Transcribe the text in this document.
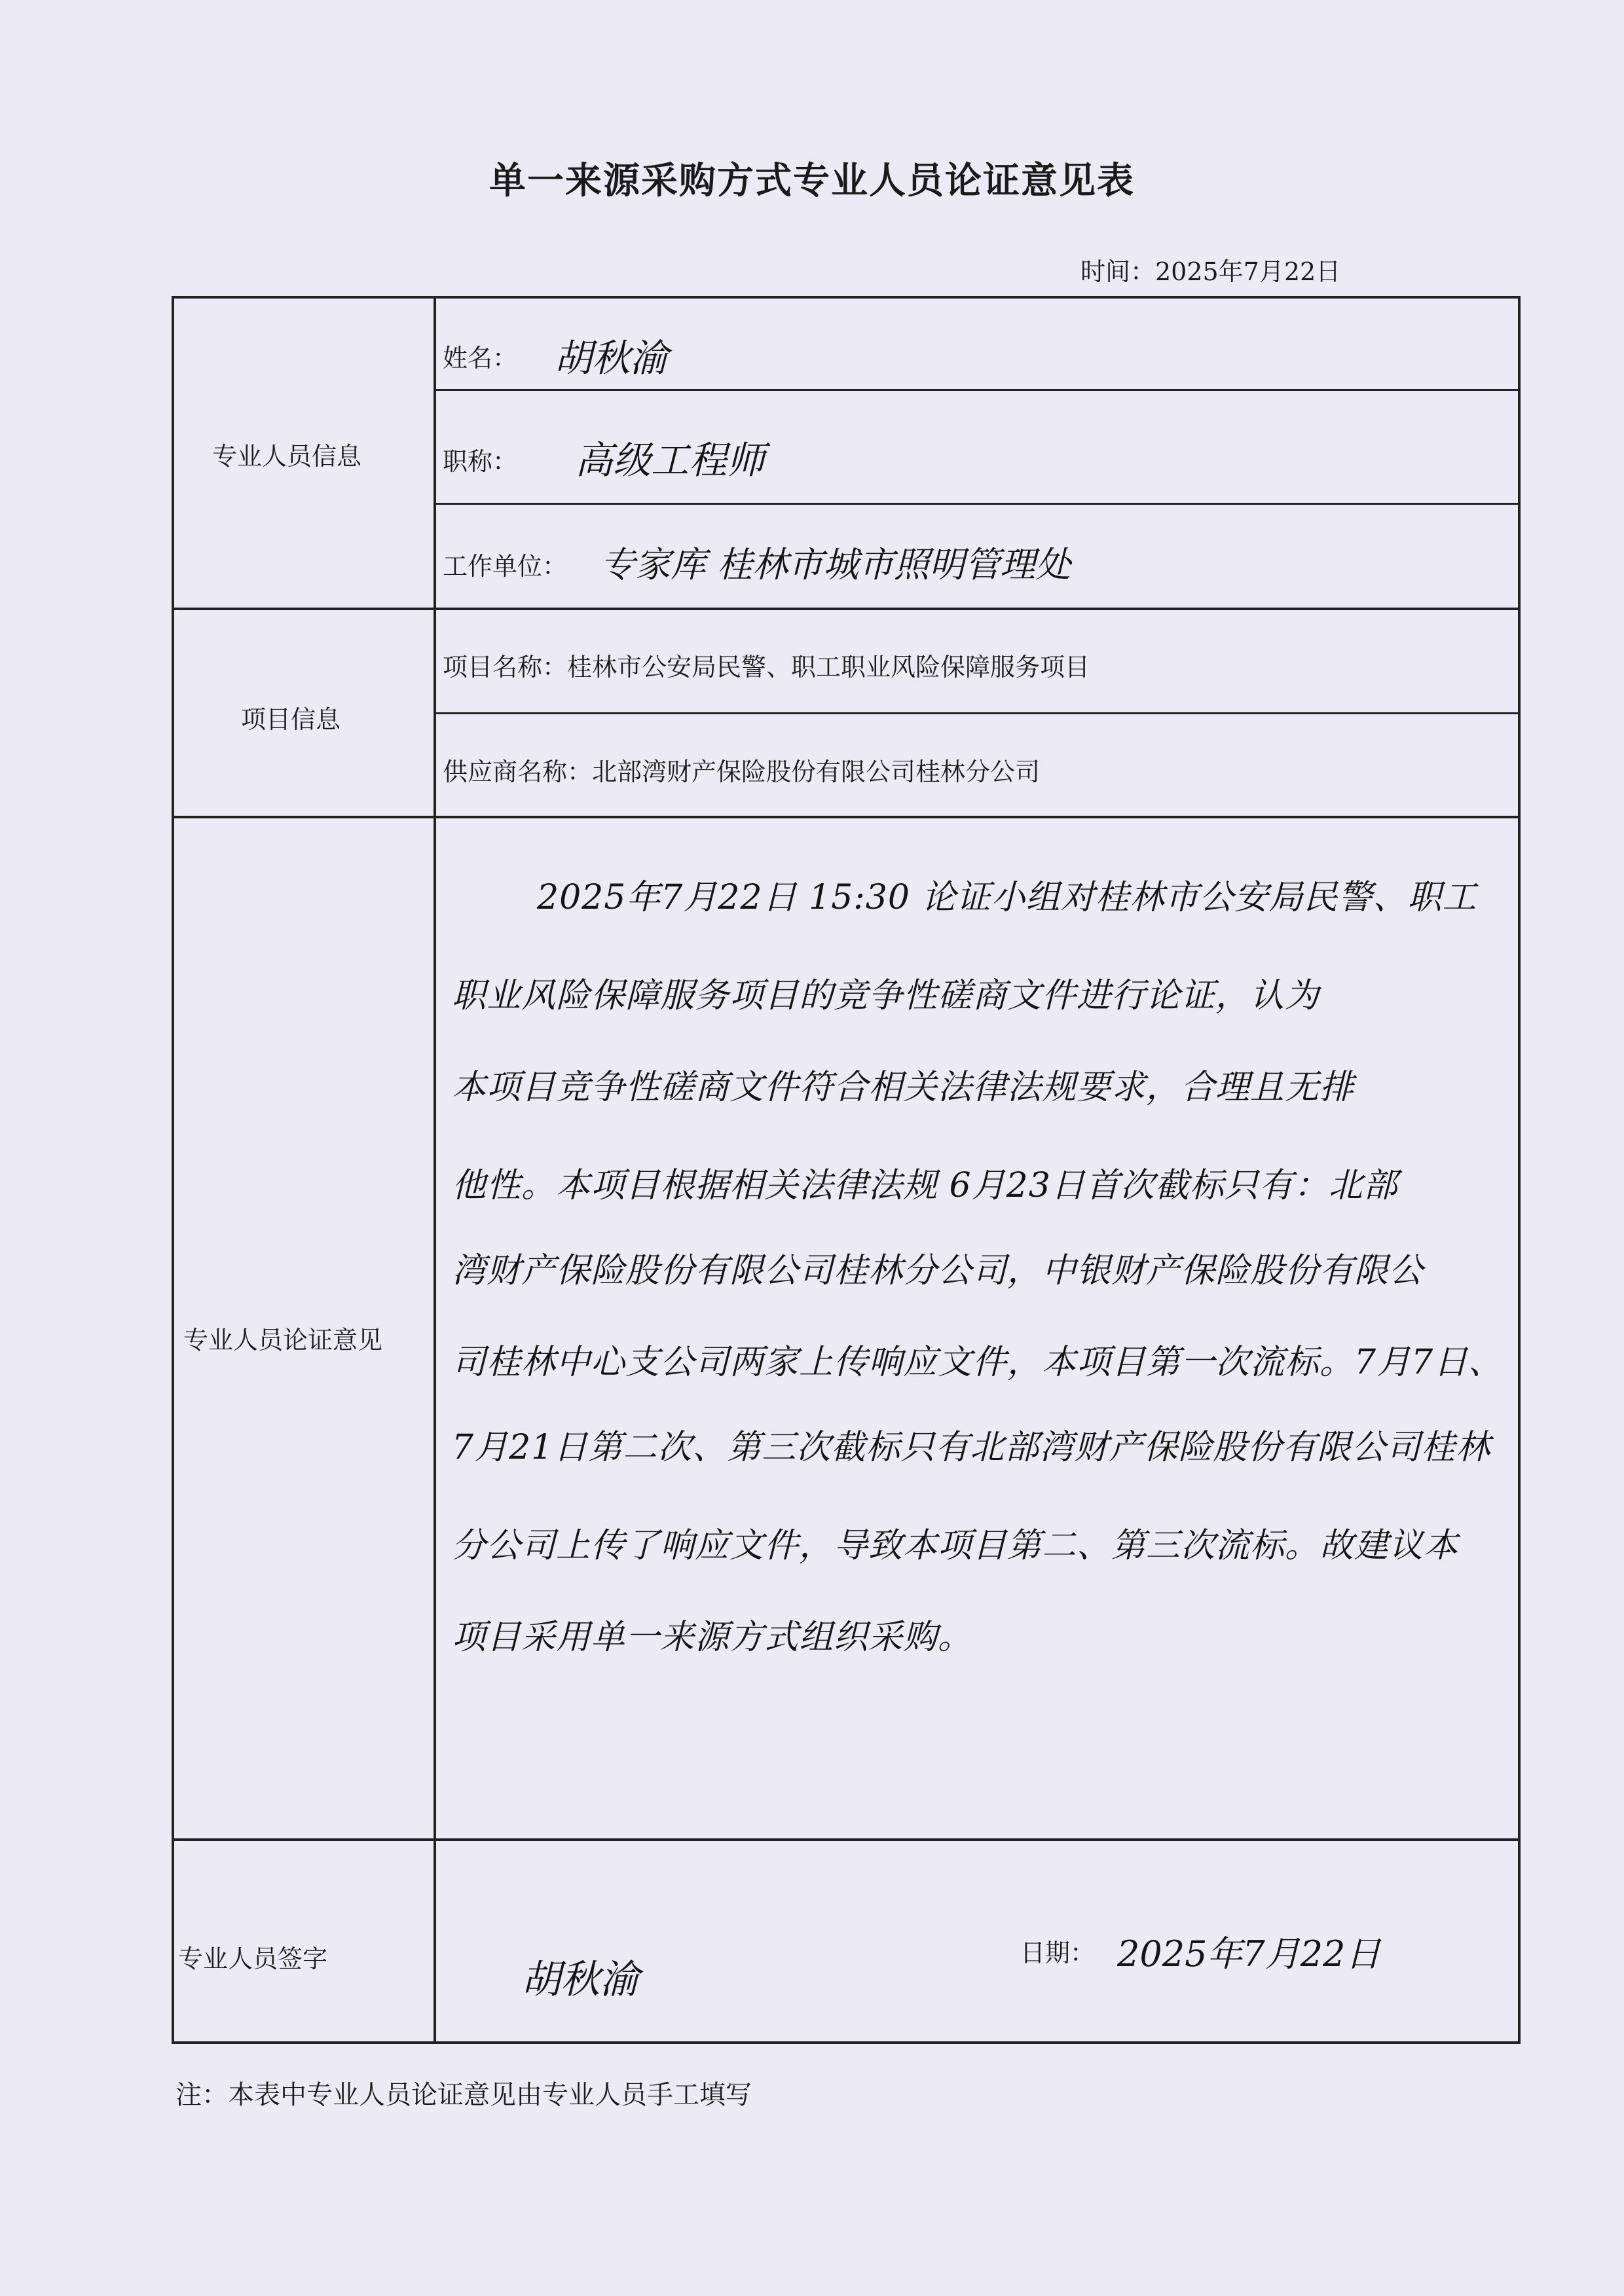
单一来源采购方式专业人员论证意见表
时间：2025年7月22日
专业人员信息
项目信息
专业人员论证意见
专业人员签字
姓名： 胡秋渝
职称： 高级工程师
工作单位： 专家库 桂林市城市照明管理处
项目名称：桂林市公安局民警、职工职业风险保障服务项目
供应商名称：北部湾财产保险股份有限公司桂林分公司
胡秋渝
日期： 2025年7月22日
2025年7月22日 15:30 论证小组对桂林市公安局民警、职工
职业风险保障服务项目的竞争性磋商文件进行论证，认为
本项目竞争性磋商文件符合相关法律法规要求，合理且无排
他性。本项目根据相关法律法规 6月23日首次截标只有：北部
湾财产保险股份有限公司桂林分公司，中银财产保险股份有限公
司桂林中心支公司两家上传响应文件，本项目第一次流标。7月7日、
7月21日第二次、第三次截标只有北部湾财产保险股份有限公司桂林
分公司上传了响应文件，导致本项目第二、第三次流标。故建议本
项目采用单一来源方式组织采购。
注：本表中专业人员论证意见由专业人员手工填写
